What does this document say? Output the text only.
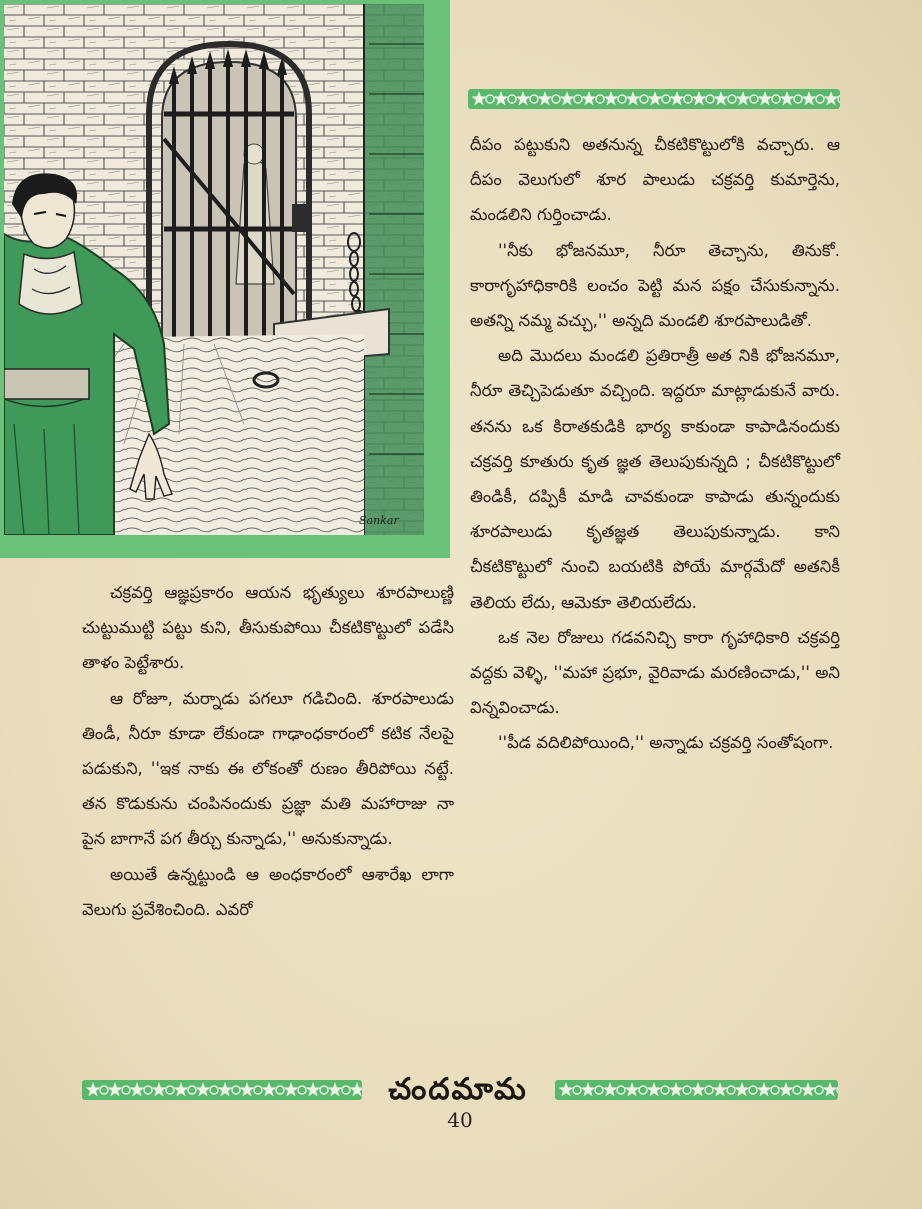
Sankar

దీపం పట్టుకుని అతనున్న చీకటికొట్టులోకి వచ్చారు. ఆ దీపం వెలుగులో శూర పాలుడు చక్రవర్తి కుమార్తెను, మండలిని గుర్తించాడు.

''నీకు భోజనమూ, నీరూ తెచ్చాను, తినుకో. కారాగృహాధికారికి లంచం పెట్టి మన పక్షం చేసుకున్నాను. అతన్ని నమ్మ వచ్చు,'' అన్నది మండలి శూరపాలుడితో.

అది మొదలు మండలి ప్రతిరాత్రీ అత నికి భోజనమూ, నీరూ తెచ్చిపెడుతూ వచ్చింది. ఇద్దరూ మాట్లాడుకునే వారు. తనను ఒక కిరాతకుడికి భార్య కాకుండా కాపాడినందుకు చక్రవర్తి కూతురు కృత జ్ఞత తెలుపుకున్నది ; చీకటికొట్టులో తిండికీ, దప్పికీ మాడి చావకుండా కాపాడు తున్నందుకు శూరపాలుడు కృతజ్ఞత తెలుపుకున్నాడు. కాని చీకటికొట్టులో నుంచి బయటికి పోయే మార్గమేదో అతనికీ తెలియ లేదు, ఆమెకూ తెలియలేదు.

ఒక నెల రోజులు గడవనిచ్చి కారా గృహాధికారి చక్రవర్తి వద్దకు వెళ్ళి, ''మహా ప్రభూ, వైరివాడు మరణించాడు,'' అని విన్నవించాడు.

''పీడ వదిలిపోయింది,'' అన్నాడు చక్రవర్తి సంతోషంగా.

చక్రవర్తి ఆజ్ఞప్రకారం ఆయన భృత్యులు శూరపాలుణ్ణి చుట్టుముట్టి పట్టు కుని, తీసుకుపోయి చీకటికొట్టులో పడేసి తాళం పెట్టేశారు.

ఆ రోజూ, మర్నాడు పగలూ గడిచింది. శూరపాలుడు తిండీ, నీరూ కూడా లేకుండా గాఢాంధకారంలో కటిక నేలపై పడుకుని, ''ఇక నాకు ఈ లోకంతో రుణం తీరిపోయి నట్టే. తన కొడుకును చంపినందుకు ప్రజ్ఞా మతి మహారాజు నా పైన బాగానే పగ తీర్చు కున్నాడు,'' అనుకున్నాడు.

అయితే ఉన్నట్టుండి ఆ అంధకారంలో ఆశారేఖ లాగా వెలుగు ప్రవేశించింది. ఎవరో

చందమామ
40
